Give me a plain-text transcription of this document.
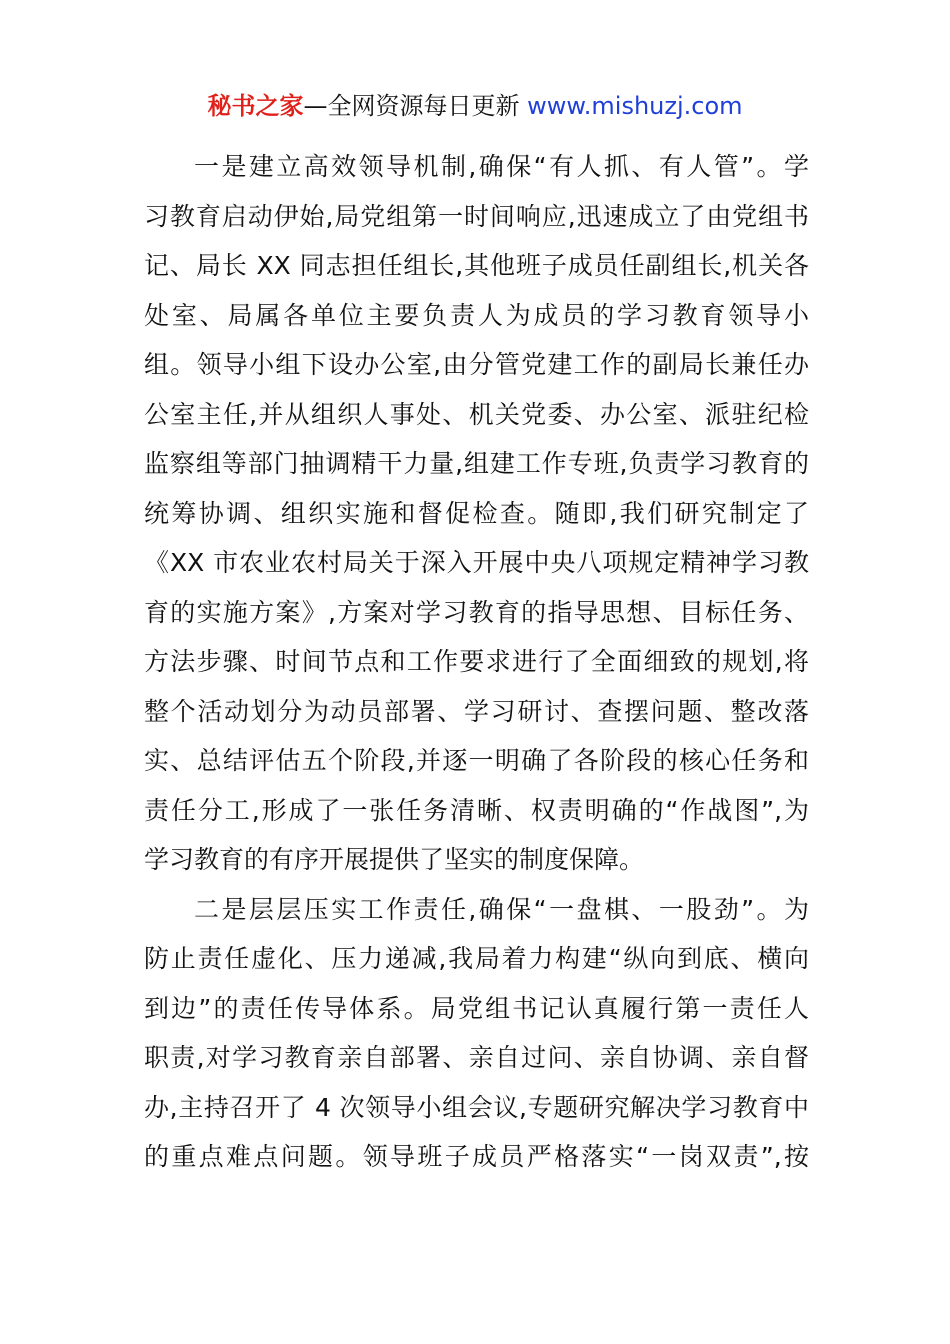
秘书之家—全网资源每日更新 www.mishuzj.com
一是建立高效领导机制,确保“有人抓、有人管”。学
习教育启动伊始,局党组第一时间响应,迅速成立了由党组书
记、局长 XX 同志担任组长,其他班子成员任副组长,机关各
处室、局属各单位主要负责人为成员的学习教育领导小
组。领导小组下设办公室,由分管党建工作的副局长兼任办
公室主任,并从组织人事处、机关党委、办公室、派驻纪检
监察组等部门抽调精干力量,组建工作专班,负责学习教育的
统筹协调、组织实施和督促检查。随即,我们研究制定了
《XX 市农业农村局关于深入开展中央八项规定精神学习教
育的实施方案》,方案对学习教育的指导思想、目标任务、
方法步骤、时间节点和工作要求进行了全面细致的规划,将
整个活动划分为动员部署、学习研讨、查摆问题、整改落
实、总结评估五个阶段,并逐一明确了各阶段的核心任务和
责任分工,形成了一张任务清晰、权责明确的“作战图”,为
学习教育的有序开展提供了坚实的制度保障。
二是层层压实工作责任,确保“一盘棋、一股劲”。为
防止责任虚化、压力递减,我局着力构建“纵向到底、横向
到边”的责任传导体系。局党组书记认真履行第一责任人
职责,对学习教育亲自部署、亲自过问、亲自协调、亲自督
办,主持召开了 4 次领导小组会议,专题研究解决学习教育中
的重点难点问题。领导班子成员严格落实“一岗双责”,按
